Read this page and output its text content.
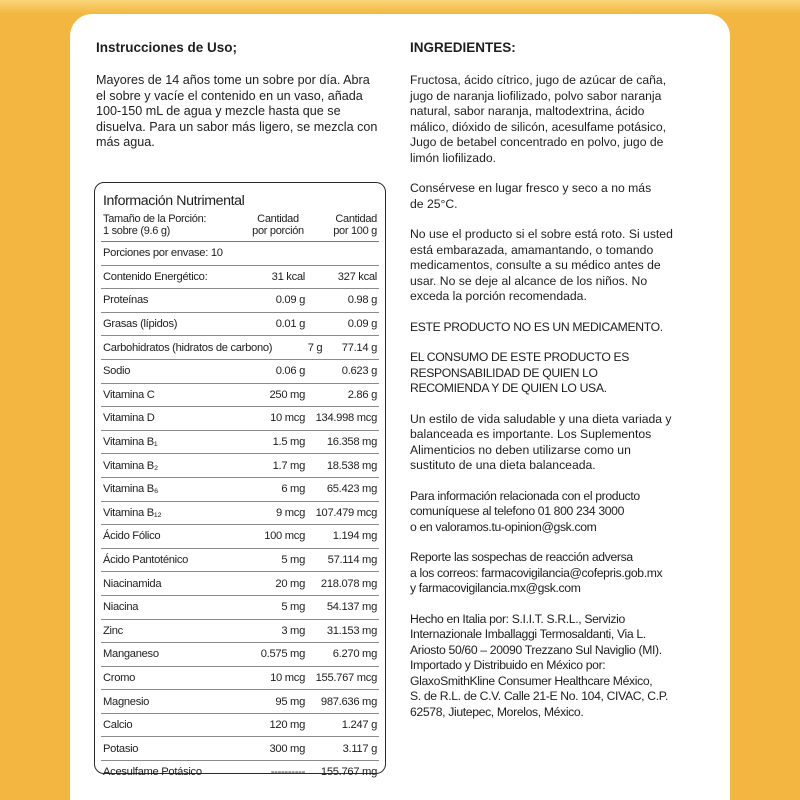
Instrucciones de Uso;

Mayores de 14 años tome un sobre por día. Abra
el sobre y vacíe el contenido en un vaso, añada
100-150 mL de agua y mezcle hasta que se
disuelva. Para un sabor más ligero, se mezcla con
más agua.

Información Nutrimental
Tamaño de la Porción:
1 sobre (9.6 g)
Cantidad
por porción
Cantidad
por 100 g
Porciones por envase: 10
Contenido Energético:	31 kcal	327 kcal
Proteínas	0.09 g	0.98 g
Grasas (lípidos)	0.01 g	0.09 g
Carbohidratos (hidratos de carbono)	7 g	77.14 g
Sodio	0.06 g	0.623 g
Vitamina C	250 mg	2.86 g
Vitamina D	10 mcg 134.998 mcg
Vitamina B₁	1.5 mg	16.358 mg
Vitamina B₂	1.7 mg	18.538 mg
Vitamina B₆	6 mg	65.423 mg
Vitamina B₁₂	9 mcg 107.479 mcg
Ácido Fólico	100 mcg	1.194 mg
Ácido Pantoténico	5 mg	57.114 mg
Niacinamida	20 mg	218.078 mg
Niacina	5 mg	54.137 mg
Zinc	3 mg	31.153 mg
Manganeso	0.575 mg	6.270 mg
Cromo	10 mcg 155.767 mcg
Magnesio	95 mg	987.636 mg
Calcio	120 mg	1.247 g
Potasio	300 mg	3.117 g
Acesulfame Potásico	----------	155.767 mg

INGREDIENTES:

Fructosa, ácido cítrico, jugo de azúcar de caña,
jugo de naranja liofilizado, polvo sabor naranja
natural, sabor naranja, maltodextrina, ácido
málico, dióxido de silicón, acesulfame potásico,
Jugo de betabel concentrado en polvo, jugo de
limón liofilizado.

Consérvese en lugar fresco y seco a no más
de 25°C.

No use el producto si el sobre está roto. Si usted
está embarazada, amamantando, o tomando
medicamentos, consulte a su médico antes de
usar. No se deje al alcance de los niños. No
exceda la porción recomendada.

ESTE PRODUCTO NO ES UN MEDICAMENTO.

EL CONSUMO DE ESTE PRODUCTO ES
RESPONSABILIDAD DE QUIEN LO
RECOMIENDA Y DE QUIEN LO USA.

Un estilo de vida saludable y una dieta variada y
balanceada es importante. Los Suplementos
Alimenticios no deben utilizarse como un
sustituto de una dieta balanceada.

Para información relacionada con el producto
comuníquese al telefono 01 800 234 3000
o en valoramos.tu-opinion@gsk.com

Reporte las sospechas de reacción adversa
a los correos: farmacovigilancia@cofepris.gob.mx
y farmacovigilancia.mx@gsk.com

Hecho en Italia por: S.I.I.T. S.R.L., Servizio
Internazionale Imballaggi Termosaldanti, Via L.
Ariosto 50/60 – 20090 Trezzano Sul Naviglio (MI).
Importado y Distribuido en México por:
GlaxoSmithKline Consumer Healthcare México,
S. de R.L. de C.V. Calle 21-E No. 104, CIVAC, C.P.
62578, Jiutepec, Morelos, México.
